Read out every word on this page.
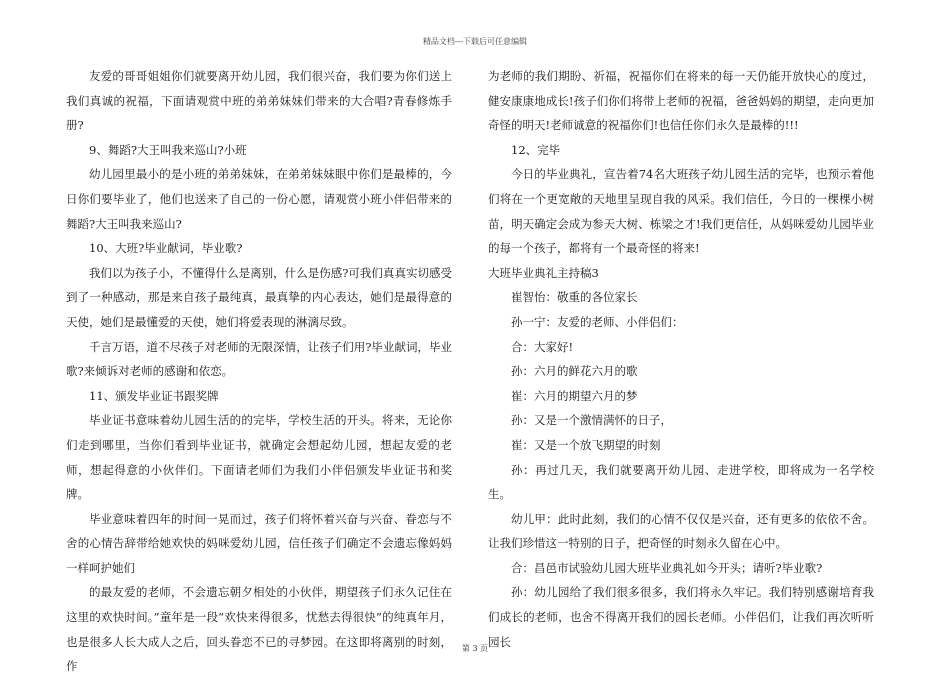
精品文档---下载后可任意编辑

友爱的哥哥姐姐你们就要离开幼儿园，我们很兴奋，我们要为你们送上我们真诚的祝福，下面请观赏中班的弟弟妹妹们带来的大合唱?青春修炼手册?

9、舞蹈?大王叫我来巡山?小班

幼儿园里最小的是小班的弟弟妹妹，在弟弟妹妹眼中你们是最棒的，今日你们要毕业了，他们也送来了自己的一份心愿，请观赏小班小伴侣带来的舞蹈?大王叫我来巡山?

10、大班?毕业献词，毕业歌?

我们以为孩子小，不懂得什么是离别，什么是伤感?可我们真真实切感受到了一种感动，那是来自孩子最纯真，最真挚的内心表达，她们是最得意的天使，她们是最懂爱的天使，她们将爱表现的淋漓尽致。

千言万语，道不尽孩子对老师的无限深情，让孩子们用?毕业献词，毕业歌?来倾诉对老师的感谢和依恋。

11、颁发毕业证书跟奖牌

毕业证书意味着幼儿园生活的的完毕，学校生活的开头。将来，无论你们走到哪里，当你们看到毕业证书，就确定会想起幼儿园，想起友爱的老师，想起得意的小伙伴们。下面请老师们为我们小伴侣颁发毕业证书和奖牌。

毕业意味着四年的时间一晃而过，孩子们将怀着兴奋与兴奋、眷恋与不舍的心情告辞带给她欢快的妈咪爱幼儿园，信任孩子们确定不会遗忘像妈妈一样呵护她们

的最友爱的老师，不会遗忘朝夕相处的小伙伴，期望孩子们永久记住在这里的欢快时间。”童年是一段“欢快来得很多，忧愁去得很快”的纯真年月，也是很多人长大成人之后，回头眷恋不已的寻梦园。在这即将离别的时刻，作

为老师的我们期盼、祈福，祝福你们在将来的每一天仍能开放快心的度过，健安康康地成长!孩子们你们将带上老师的祝福，爸爸妈妈的期望，走向更加奇怪的明天!老师诚意的祝福你们!也信任你们永久是最棒的!!!

12、完毕

今日的毕业典礼，宣告着74名大班孩子幼儿园生活的完毕，也预示着他们将在一个更宽敞的天地里呈现自我的风采。我们信任，今日的一棵棵小树苗，明天确定会成为参天大树、栋梁之才!我们更信任，从妈咪爱幼儿园毕业的每一个孩子，都将有一个最奇怪的将来!

大班毕业典礼主持稿3

崔智怡：敬重的各位家长

孙一宁：友爱的老师、小伴侣们：

合：大家好!

孙：六月的鲜花六月的歌

崔：六月的期望六月的梦

孙：又是一个激情满怀的日子，

崔：又是一个放飞期望的时刻

孙：再过几天，我们就要离开幼儿园、走进学校，即将成为一名学校生。

幼儿甲：此时此刻，我们的心情不仅仅是兴奋，还有更多的依依不舍。让我们珍惜这一特别的日子，把奇怪的时刻永久留在心中。

合：昌邑市试验幼儿园大班毕业典礼如今开头；请听?毕业歌?

孙：幼儿园给了我们很多很多，我们将永久牢记。我们特别感谢培育我们成长的老师，也舍不得离开我们的园长老师。小伴侣们，让我们再次听听园长

第 3 页
